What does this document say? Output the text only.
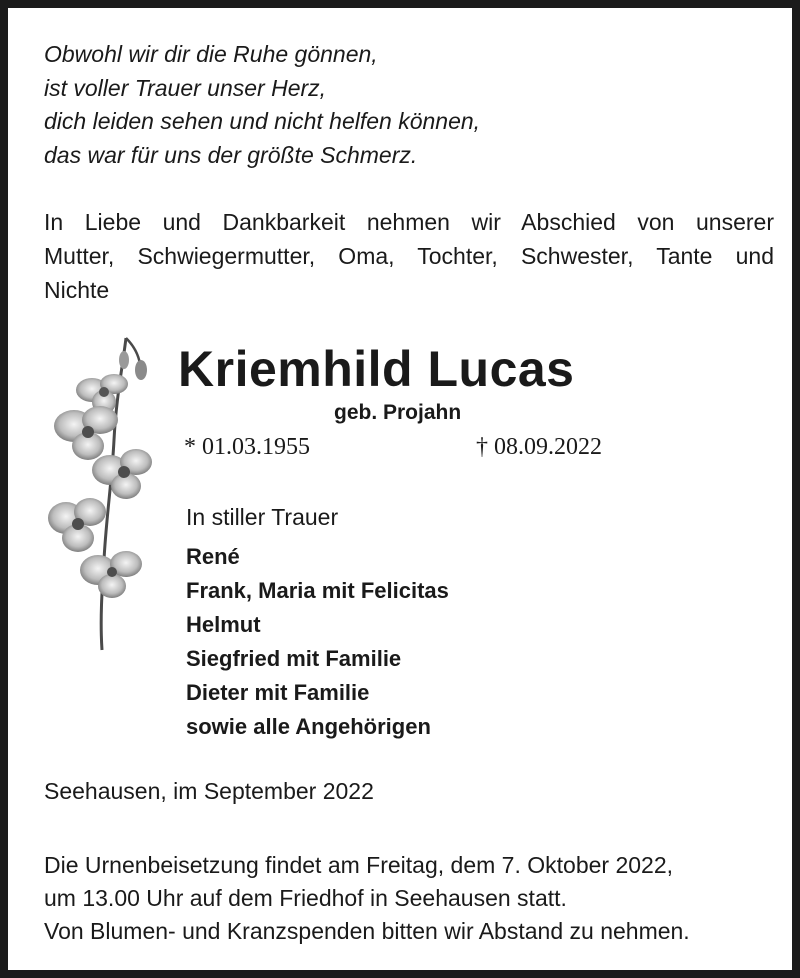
Obwohl wir dir die Ruhe gönnen,
ist voller Trauer unser Herz,
dich leiden sehen und nicht helfen können,
das war für uns der größte Schmerz.
In Liebe und Dankbarkeit nehmen wir Abschied von unserer
Mutter, Schwiegermutter, Oma, Tochter, Schwester, Tante und
Nichte
Kriemhild Lucas
geb. Projahn
* 01.03.1955	† 08.09.2022
In stiller Trauer
René
Frank, Maria mit Felicitas
Helmut
Siegfried mit Familie
Dieter mit Familie
sowie alle Angehörigen
Seehausen, im September 2022
Die Urnenbeisetzung findet am Freitag, dem 7. Oktober 2022,
um 13.00 Uhr auf dem Friedhof in Seehausen statt.
Von Blumen- und Kranzspenden bitten wir Abstand zu nehmen.
